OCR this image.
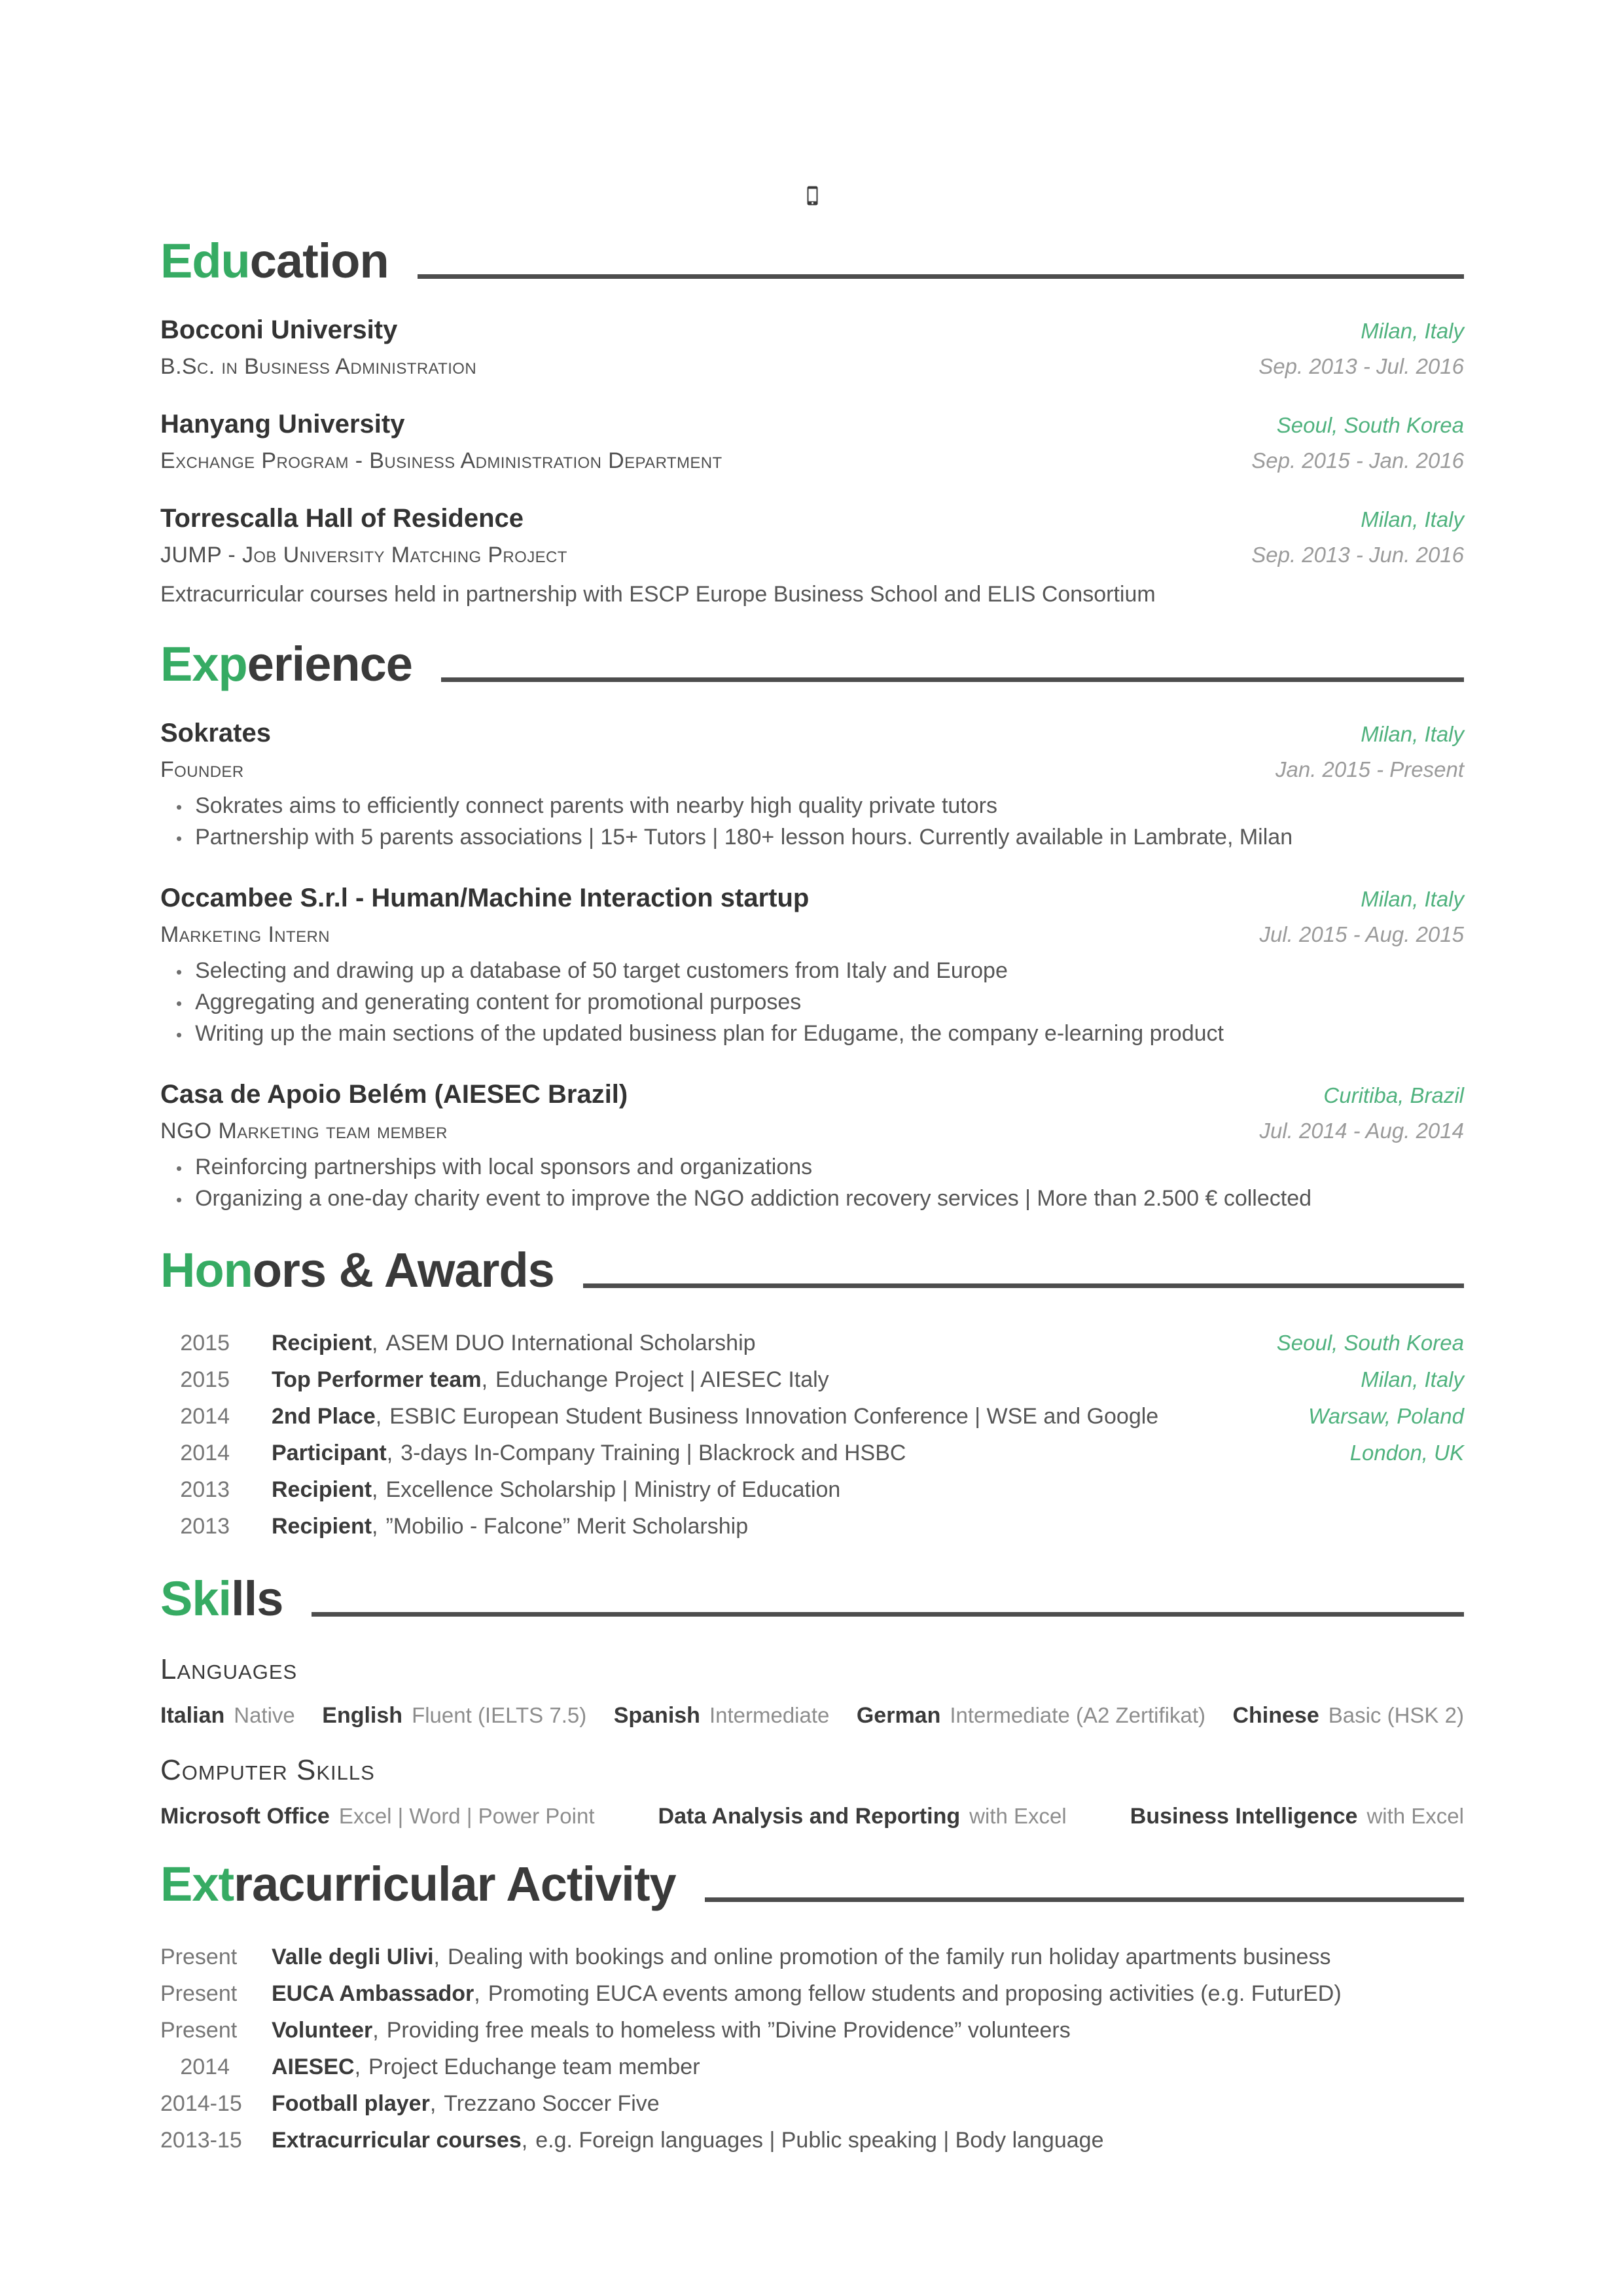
Education
Bocconi University	Milan, Italy
B.Sc. in Business Administration	Sep. 2013 - Jul. 2016
Hanyang University	Seoul, South Korea
Exchange Program - Business Administration Department	Sep. 2015 - Jan. 2016
Torrescalla Hall of Residence	Milan, Italy
JUMP - Job University Matching Project	Sep. 2013 - Jun. 2016
Extracurricular courses held in partnership with ESCP Europe Business School and ELIS Consortium
Experience
Sokrates	Milan, Italy
Founder	Jan. 2015 - Present
• Sokrates aims to efficiently connect parents with nearby high quality private tutors
• Partnership with 5 parents associations | 15+ Tutors | 180+ lesson hours. Currently available in Lambrate, Milan
Occambee S.r.l - Human/Machine Interaction startup	Milan, Italy
Marketing Intern	Jul. 2015 - Aug. 2015
• Selecting and drawing up a database of 50 target customers from Italy and Europe
• Aggregating and generating content for promotional purposes
• Writing up the main sections of the updated business plan for Edugame, the company e-learning product
Casa de Apoio Belém (AIESEC Brazil)	Curitiba, Brazil
NGO Marketing team member	Jul. 2014 - Aug. 2014
• Reinforcing partnerships with local sponsors and organizations
• Organizing a one-day charity event to improve the NGO addiction recovery services | More than 2.500 € collected
Honors & Awards
2015 Recipient, ASEM DUO International Scholarship	Seoul, South Korea
2015 Top Performer team, Educhange Project | AIESEC Italy	Milan, Italy
2014 2nd Place, ESBIC European Student Business Innovation Conference | WSE and Google	Warsaw, Poland
2014 Participant, 3-days In-Company Training | Blackrock and HSBC	London, UK
2013 Recipient, Excellence Scholarship | Ministry of Education
2013 Recipient, ”Mobilio - Falcone” Merit Scholarship
Skills
Languages
Italian Native English Fluent (IELTS 7.5) Spanish Intermediate German Intermediate (A2 Zertifikat) Chinese Basic (HSK 2)
Computer Skills
Microsoft Office Excel | Word | Power Point	Data Analysis and Reporting with Excel	Business Intelligence with Excel
Extracurricular Activity
Present Valle degli Ulivi, Dealing with bookings and online promotion of the family run holiday apartments business
Present EUCA Ambassador, Promoting EUCA events among fellow students and proposing activities (e.g. FuturED)
Present Volunteer, Providing free meals to homeless with ”Divine Providence” volunteers
2014 AIESEC, Project Educhange team member
2014-15 Football player, Trezzano Soccer Five
2013-15 Extracurricular courses, e.g. Foreign languages | Public speaking | Body language
